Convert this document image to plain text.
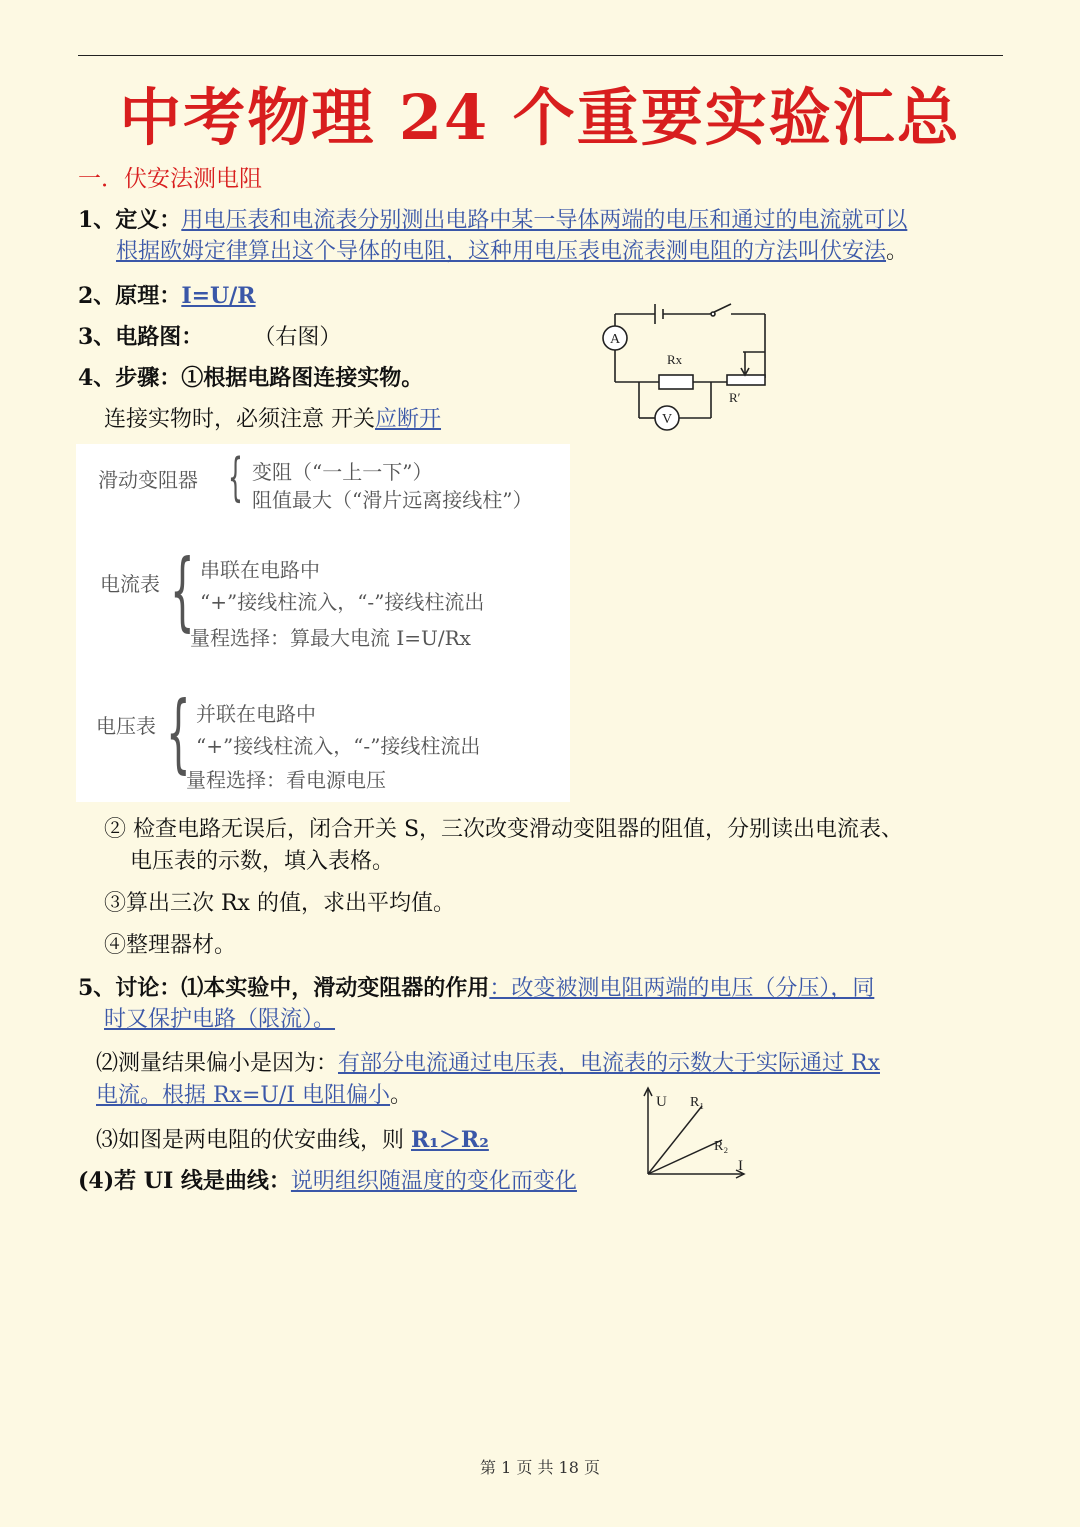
中考物理 24 个重要实验汇总
一．伏安法测电阻
1、定义：用电压表和电流表分别测出电路中某一导体两端的电压和通过的电流就可以
根据欧姆定律算出这个导体的电阻，这种用电压表电流表测电阻的方法叫伏安法。
2、原理：I=U/R
3、电路图： （右图）
4、步骤：①根据电路图连接实物。
连接实物时，必须注意 开关应断开
A
V
Rx
R′
滑动变阻器 { 变阻（“一上一下”）
阻值最大（“滑片远离接线柱”）
电流表 { 串联在电路中
“+”接线柱流入，“-”接线柱流出
量程选择：算最大电流 I=U/Rx
电压表 { 并联在电路中
“+”接线柱流入，“-”接线柱流出
量程选择：看电源电压
② 检查电路无误后，闭合开关 S，三次改变滑动变阻器的阻值，分别读出电流表、
电压表的示数，填入表格。
③算出三次 Rx 的值，求出平均值。
④整理器材。
5、讨论：⑴本实验中，滑动变阻器的作用：改变被测电阻两端的电压（分压），同
时又保护电路（限流）。
⑵测量结果偏小是因为：有部分电流通过电压表，电流表的示数大于实际通过 Rx
电流。根据 Rx=U/I 电阻偏小。
⑶如图是两电阻的伏安曲线，则 R₁＞R₂
(4)若 UI 线是曲线：说明组织随温度的变化而变化
U
I
R₁
R₂
第 1 页 共 18 页
